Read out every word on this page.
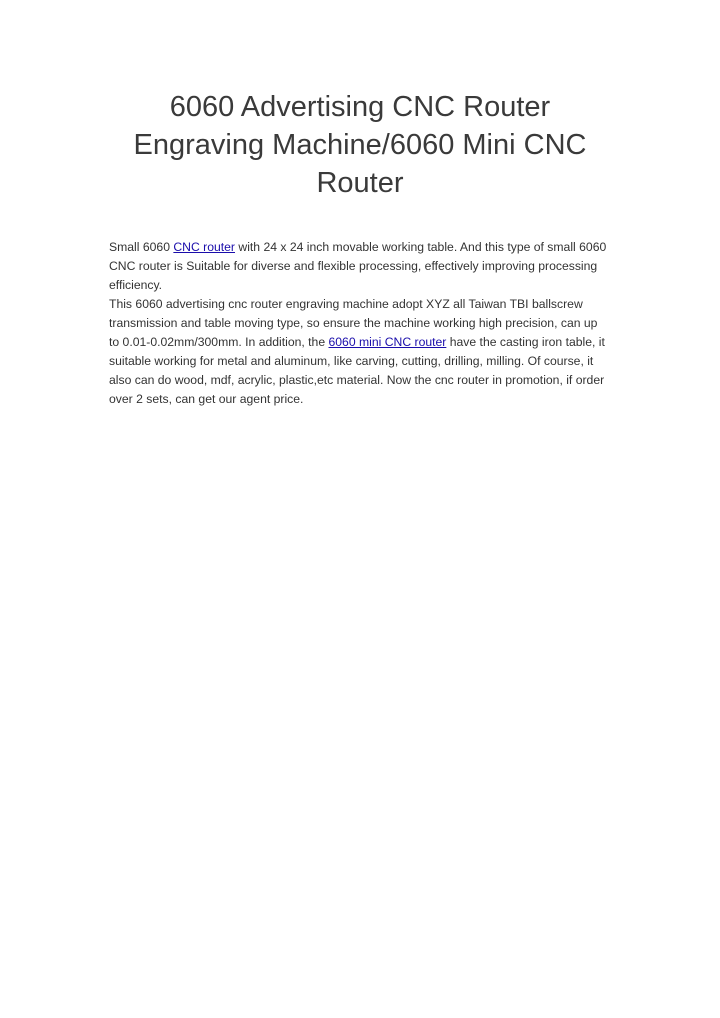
6060 Advertising CNC Router Engraving Machine/6060 Mini CNC Router

Small 6060 CNC router with 24 x 24 inch movable working table. And this type of small 6060 CNC router is Suitable for diverse and flexible processing, effectively improving processing efficiency.

This 6060 advertising cnc router engraving machine adopt XYZ all Taiwan TBI ballscrew transmission and table moving type, so ensure the machine working high precision, can up to 0.01-0.02mm/300mm. In addition, the 6060 mini CNC router have the casting iron table, it suitable working for metal and aluminum, like carving, cutting, drilling, milling. Of course, it also can do wood, mdf, acrylic, plastic,etc material. Now the cnc router in promotion, if order over 2 sets, can get our agent price.
